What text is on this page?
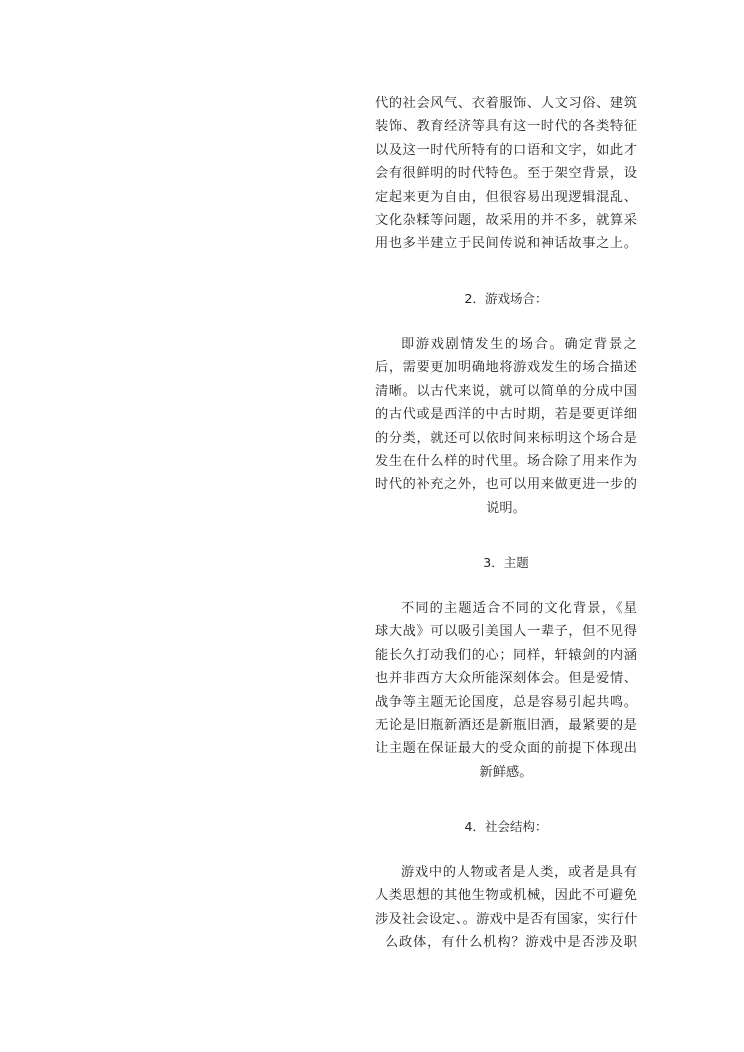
代的社会风气、衣着服饰、人文习俗、建筑
装饰、教育经济等具有这一时代的各类特征
以及这一时代所特有的口语和文字，如此才
会有很鲜明的时代特色。至于架空背景，设
定起来更为自由，但很容易出现逻辑混乱、
文化杂糅等问题，故采用的并不多，就算采
用也多半建立于民间传说和神话故事之上。
2．游戏场合：
即游戏剧情发生的场合。确定背景之
后，需要更加明确地将游戏发生的场合描述
清晰。以古代来说，就可以简单的分成中国
的古代或是西洋的中古时期，若是要更详细
的分类，就还可以依时间来标明这个场合是
发生在什么样的时代里。场合除了用来作为
时代的补充之外，也可以用来做更进一步的
说明。
3．主题
不同的主题适合不同的文化背景，《星
球大战》可以吸引美国人一辈子，但不见得
能长久打动我们的心；同样，轩辕剑的内涵
也并非西方大众所能深刻体会。但是爱情、
战争等主题无论国度，总是容易引起共鸣。
无论是旧瓶新酒还是新瓶旧酒，最紧要的是
让主题在保证最大的受众面的前提下体现出
新鲜感。
4．社会结构：
游戏中的人物或者是人类，或者是具有
人类思想的其他生物或机械，因此不可避免
涉及社会设定、。游戏中是否有国家，实行什
么政体，有什么机构？游戏中是否涉及职
